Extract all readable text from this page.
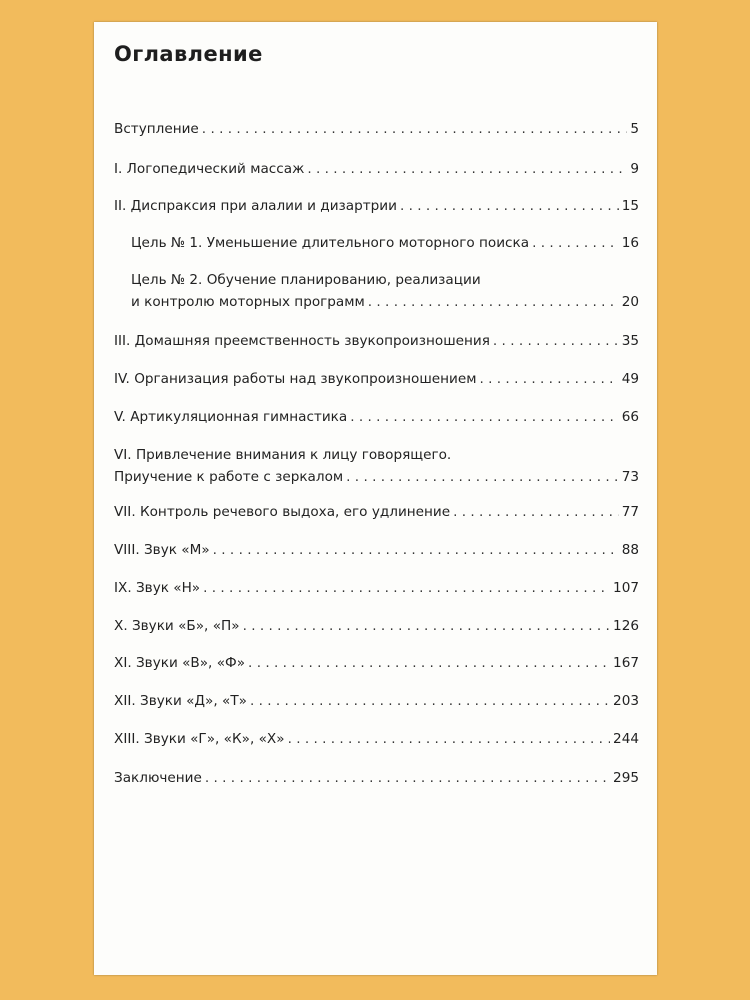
Оглавление
Вступление . . .	5
I. Логопедический массаж . . .	9
II. Диспраксия при алалии и дизартрии . . .	15
Цель № 1. Уменьшение длительного моторного поиска . . .	16
Цель № 2. Обучение планированию, реализации
и контролю моторных программ . . .	20
III. Домашняя преемственность звукопроизношения . . .	35
IV. Организация работы над звукопроизношением . . .	49
V. Артикуляционная гимнастика . . .	66
VI. Привлечение внимания к лицу говорящего.
Приучение к работе с зеркалом . . .	73
VII. Контроль речевого выдоха, его удлинение . . .	77
VIII. Звук «М» . . .	88
IX. Звук «Н» . . .	107
X. Звуки «Б», «П» . . .	126
XI. Звуки «В», «Ф» . . .	167
XII. Звуки «Д», «Т» . . .	203
XIII. Звуки «Г», «К», «Х» . . .	244
Заключение . . .	295
